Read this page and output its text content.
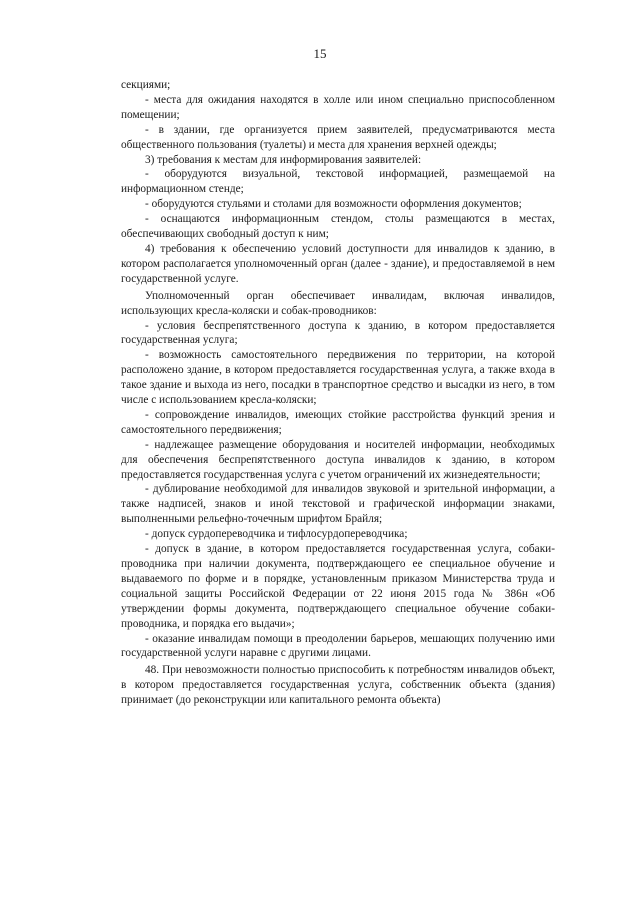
15

секциями;

- места для ожидания находятся в холле или ином специально приспособленном помещении;

- в здании, где организуется прием заявителей, предусматриваются места общественного пользования (туалеты) и места для хранения верхней одежды;

3) требования к местам для информирования заявителей:

- оборудуются визуальной, текстовой информацией, размещаемой на информационном стенде;

- оборудуются стульями и столами для возможности оформления документов;

- оснащаются информационным стендом, столы размещаются в местах, обеспечивающих свободный доступ к ним;

4) требования к обеспечению условий доступности для инвалидов к зданию, в котором располагается уполномоченный орган (далее - здание), и предоставляемой в нем государственной услуге.

Уполномоченный орган обеспечивает инвалидам, включая инвалидов, использующих кресла-коляски и собак-проводников:

- условия беспрепятственного доступа к зданию, в котором предоставляется государственная услуга;

- возможность самостоятельного передвижения по территории, на которой расположено здание, в котором предоставляется государственная услуга, а также входа в такое здание и выхода из него, посадки в транспортное средство и высадки из него, в том числе с использованием кресла-коляски;

- сопровождение инвалидов, имеющих стойкие расстройства функций зрения и самостоятельного передвижения;

- надлежащее размещение оборудования и носителей информации, необходимых для обеспечения беспрепятственного доступа инвалидов к зданию, в котором предоставляется государственная услуга с учетом ограничений их жизнедеятельности;

- дублирование необходимой для инвалидов звуковой и зрительной информации, а также надписей, знаков и иной текстовой и графической информации знаками, выполненными рельефно-точечным шрифтом Брайля;

- допуск сурдопереводчика и тифлосурдопереводчика;

- допуск в здание, в котором предоставляется государственная услуга, собаки-проводника при наличии документа, подтверждающего ее специальное обучение и выдаваемого по форме и в порядке, установленным приказом Министерства труда и социальной защиты Российской Федерации от 22 июня 2015 года № 386н «Об утверждении формы документа, подтверждающего специальное обучение собаки-проводника, и порядка его выдачи»;

- оказание инвалидам помощи в преодолении барьеров, мешающих получению ими государственной услуги наравне с другими лицами.

48. При невозможности полностью приспособить к потребностям инвалидов объект, в котором предоставляется государственная услуга, собственник объекта (здания) принимает (до реконструкции или капитального ремонта объекта)
